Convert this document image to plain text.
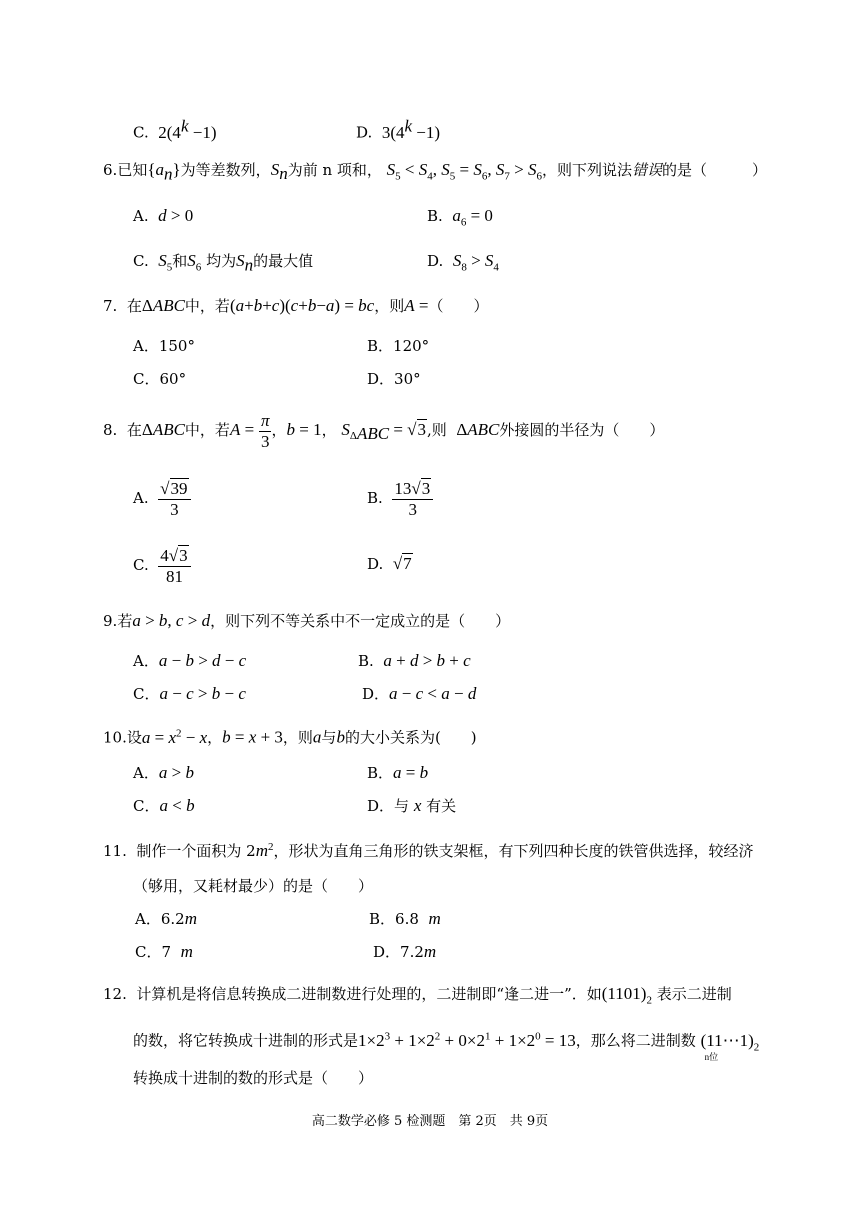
C. $2(4^k -1)$	D. $3(4^k -1)$
6.已知$\{a_n\}$为等差数列，$S_n$为前 n 项和， $S_5 < S_4$, $S_5 = S_6$, $S_7 > S_6$，则下列说法错误的是（　　　）
A. d > 0	B. $a_6 = 0$
C. $S_5$和$S_6$ 均为$S_n$的最大值	D. $S_8 > S_4$
7. 在ΔABC中，若(a+b+c)(c+b−a) = bc，则A =（　　）
A．150°	B．120°
C．60°	D．30°
8. 在ΔABC中，若$A = \frac{\pi}{3}$ ，b = 1， $S_{\Delta ABC} = √3$,则 ΔABC外接圆的半径为（　　）
A. $\frac{√39}{3}$	B. $\frac{13√3}{3}$
C. $\frac{4√3}{81}$	D. √7
9.若a > b, c > d，则下列不等关系中不一定成立的是（　　）
A．a − b > d − c	B. a + d > b + c
C．a − c > b − c	D．a − c < a − d
10.设$a = x^2 - x$，b = x + 3，则a与b的大小关系为(　　)
A．a > b	B．a = b
C．a < b	D．与 x 有关
11. 制作一个面积为 $2m^2$，形状为直角三角形的铁支架框，有下列四种长度的铁管供选择，较经济
（够用，又耗材最少）的是（　　）
A．6.2m	B．6.8 m
C．7 m	D．7.2m
12. 计算机是将信息转换成二进制数进行处理的，二进制即“逢二进一”．如$(1101)_2$ 表示二进制
的数，将它转换成十进制的形式是$1\times 2^3 + 1\times 2^2 + 0\times 2^1 + 1\times 2^0 = 13$，那么将二进制数 $(11\cdots 1)_2$
n位
转换成十进制的数的形式是（　　）
高二数学必修 5 检测题　第 2页　共 9页
